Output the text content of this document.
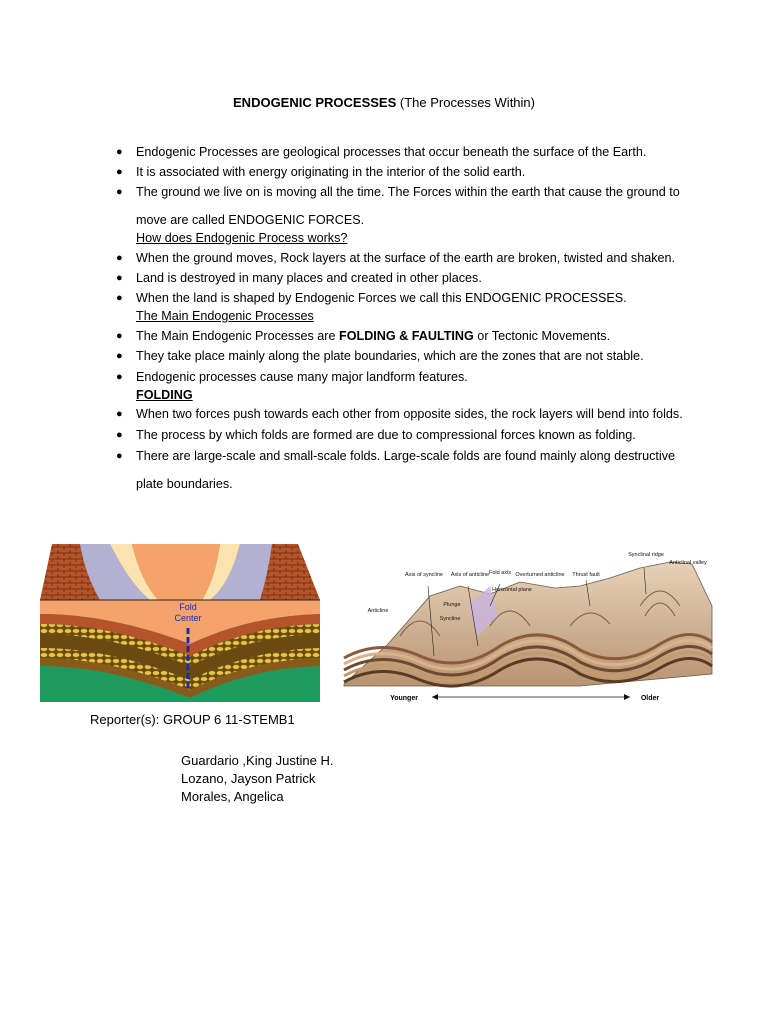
ENDOGENIC PROCESSES (The Processes Within)
● Endogenic Processes are geological processes that occur beneath the surface of the Earth.
● It is associated with energy originating in the interior of the solid earth.
● The ground we live on is moving all the time. The Forces within the earth that cause the ground to
move are called ENDOGENIC FORCES.
How does Endogenic Process works?
● When the ground moves, Rock layers at the surface of the earth are broken, twisted and shaken.
● Land is destroyed in many places and created in other places.
● When the land is shaped by Endogenic Forces we call this ENDOGENIC PROCESSES.
The Main Endogenic Processes
● The Main Endogenic Processes are FOLDING & FAULTING or Tectonic Movements.
● They take place mainly along the plate boundaries, which are the zones that are not stable.
● Endogenic processes cause many major landform features.
FOLDING
● When two forces push towards each other from opposite sides, the rock layers will bend into folds.
● The process by which folds are formed are due to compressional forces known as folding.
● There are large-scale and small-scale folds. Large-scale folds are found mainly along destructive
plate boundaries.
Fold
Center
Axis of syncline Axis of anticline Fold axis
Horizontal plane
Overturned anticline Thrust fault
Synclinal ridge
Anticlinal valley
Anticline
Plunge
Syncline
Younger	Older
Reporter(s): GROUP 6 11-STEMB1
Guardario ,King Justine H.
Lozano, Jayson Patrick
Morales, Angelica
